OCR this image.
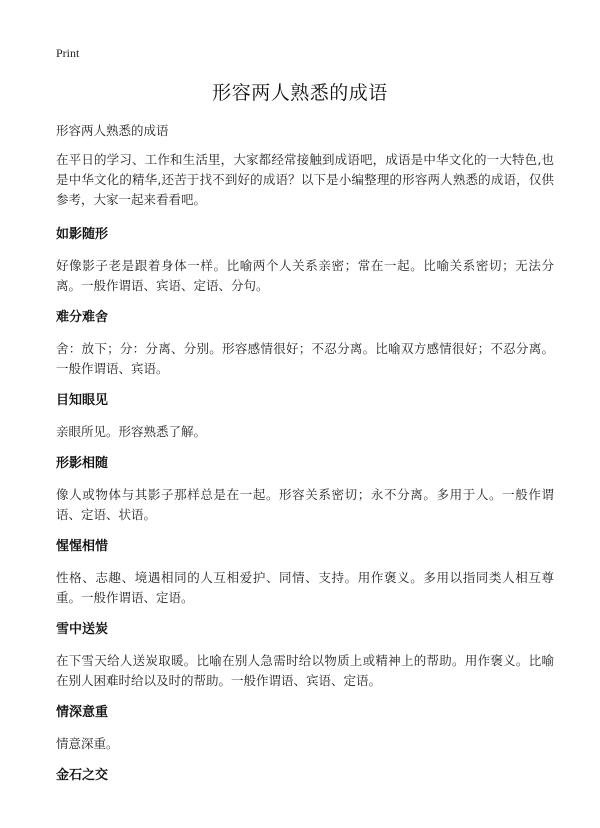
Print

形容两人熟悉的成语

形容两人熟悉的成语

在平日的学习、工作和生活里，大家都经常接触到成语吧，成语是中华文化的一大特色,也是中华文化的精华,还苦于找不到好的成语？以下是小编整理的形容两人熟悉的成语，仅供参考，大家一起来看看吧。

如影随形

好像影子老是跟着身体一样。比喻两个人关系亲密；常在一起。比喻关系密切；无法分离。一般作谓语、宾语、定语、分句。

难分难舍

舍：放下；分：分离、分别。形容感情很好；不忍分离。比喻双方感情很好；不忍分离。一般作谓语、宾语。

目知眼见

亲眼所见。形容熟悉了解。

形影相随

像人或物体与其影子那样总是在一起。形容关系密切；永不分离。多用于人。一般作谓语、定语、状语。

惺惺相惜

性格、志趣、境遇相同的人互相爱护、同情、支持。用作褒义。多用以指同类人相互尊重。一般作谓语、定语。

雪中送炭

在下雪天给人送炭取暖。比喻在别人急需时给以物质上或精神上的帮助。用作褒义。比喻在别人困难时给以及时的帮助。一般作谓语、宾语、定语。

情深意重

情意深重。

金石之交
